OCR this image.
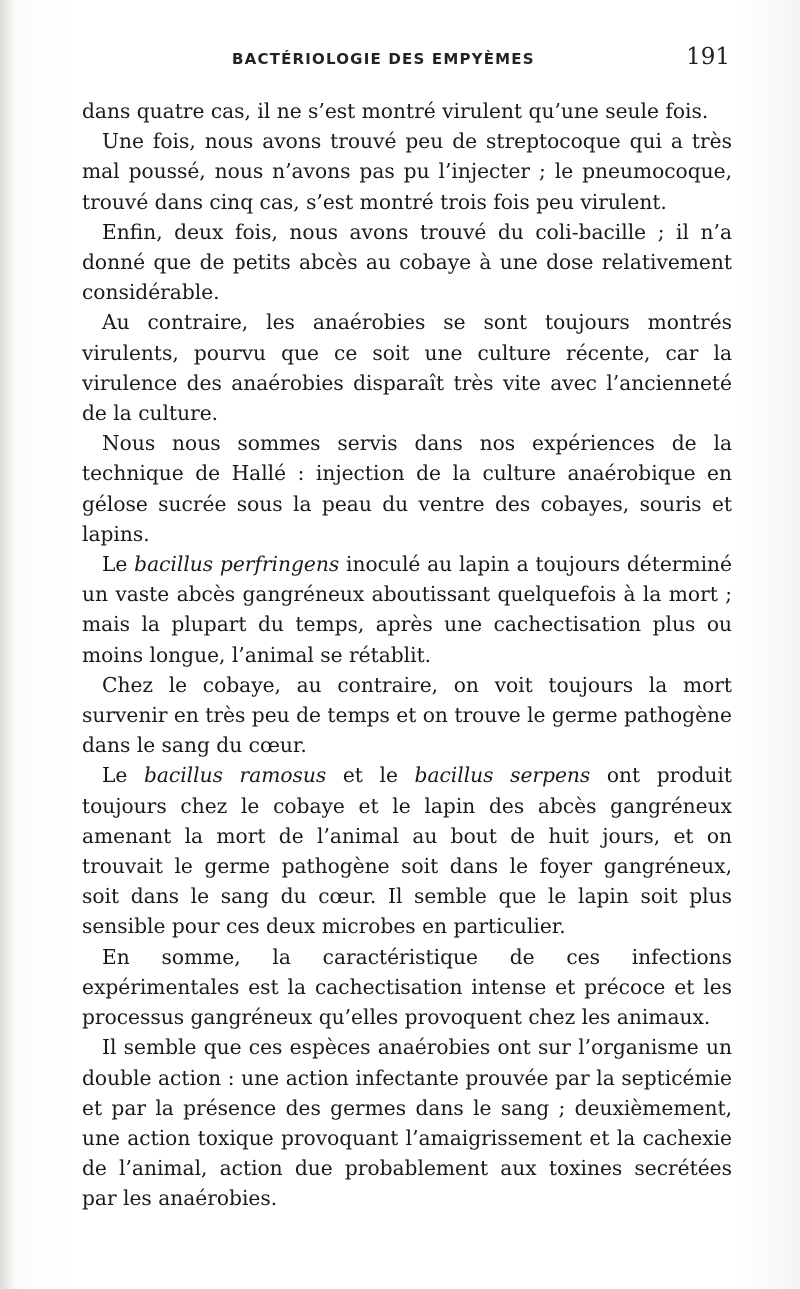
BACTÉRIOLOGIE DES EMPYÈMES	191

dans quatre cas, il ne s’est montré virulent qu’une seule fois.

Une fois, nous avons trouvé peu de streptocoque qui a très mal poussé, nous n’avons pas pu l’injecter ; le pneumocoque, trouvé dans cinq cas, s’est montré trois fois peu virulent.

Enfin, deux fois, nous avons trouvé du coli-bacille ; il n’a donné que de petits abcès au cobaye à une dose relativement considérable.

Au contraire, les anaérobies se sont toujours montrés virulents, pourvu que ce soit une culture récente, car la virulence des anaérobies disparaît très vite avec l’ancienneté de la culture.

Nous nous sommes servis dans nos expériences de la technique de Hallé : injection de la culture anaérobique en gélose sucrée sous la peau du ventre des cobayes, souris et lapins.

Le bacillus perfringens inoculé au lapin a toujours déterminé un vaste abcès gangréneux aboutissant quelquefois à la mort ; mais la plupart du temps, après une cachectisation plus ou moins longue, l’animal se rétablit.

Chez le cobaye, au contraire, on voit toujours la mort survenir en très peu de temps et on trouve le germe pathogène dans le sang du cœur.

Le bacillus ramosus et le bacillus serpens ont produit toujours chez le cobaye et le lapin des abcès gangréneux amenant la mort de l’animal au bout de huit jours, et on trouvait le germe pathogène soit dans le foyer gangréneux, soit dans le sang du cœur. Il semble que le lapin soit plus sensible pour ces deux microbes en particulier.

En somme, la caractéristique de ces infections expérimentales est la cachectisation intense et précoce et les processus gangréneux qu’elles provoquent chez les animaux.

Il semble que ces espèces anaérobies ont sur l’organisme un double action : une action infectante prouvée par la septicémie et par la présence des germes dans le sang ; deuxièmement, une action toxique provoquant l’amaigrissement et la cachexie de l’animal, action due probablement aux toxines secrétées par les anaérobies.
